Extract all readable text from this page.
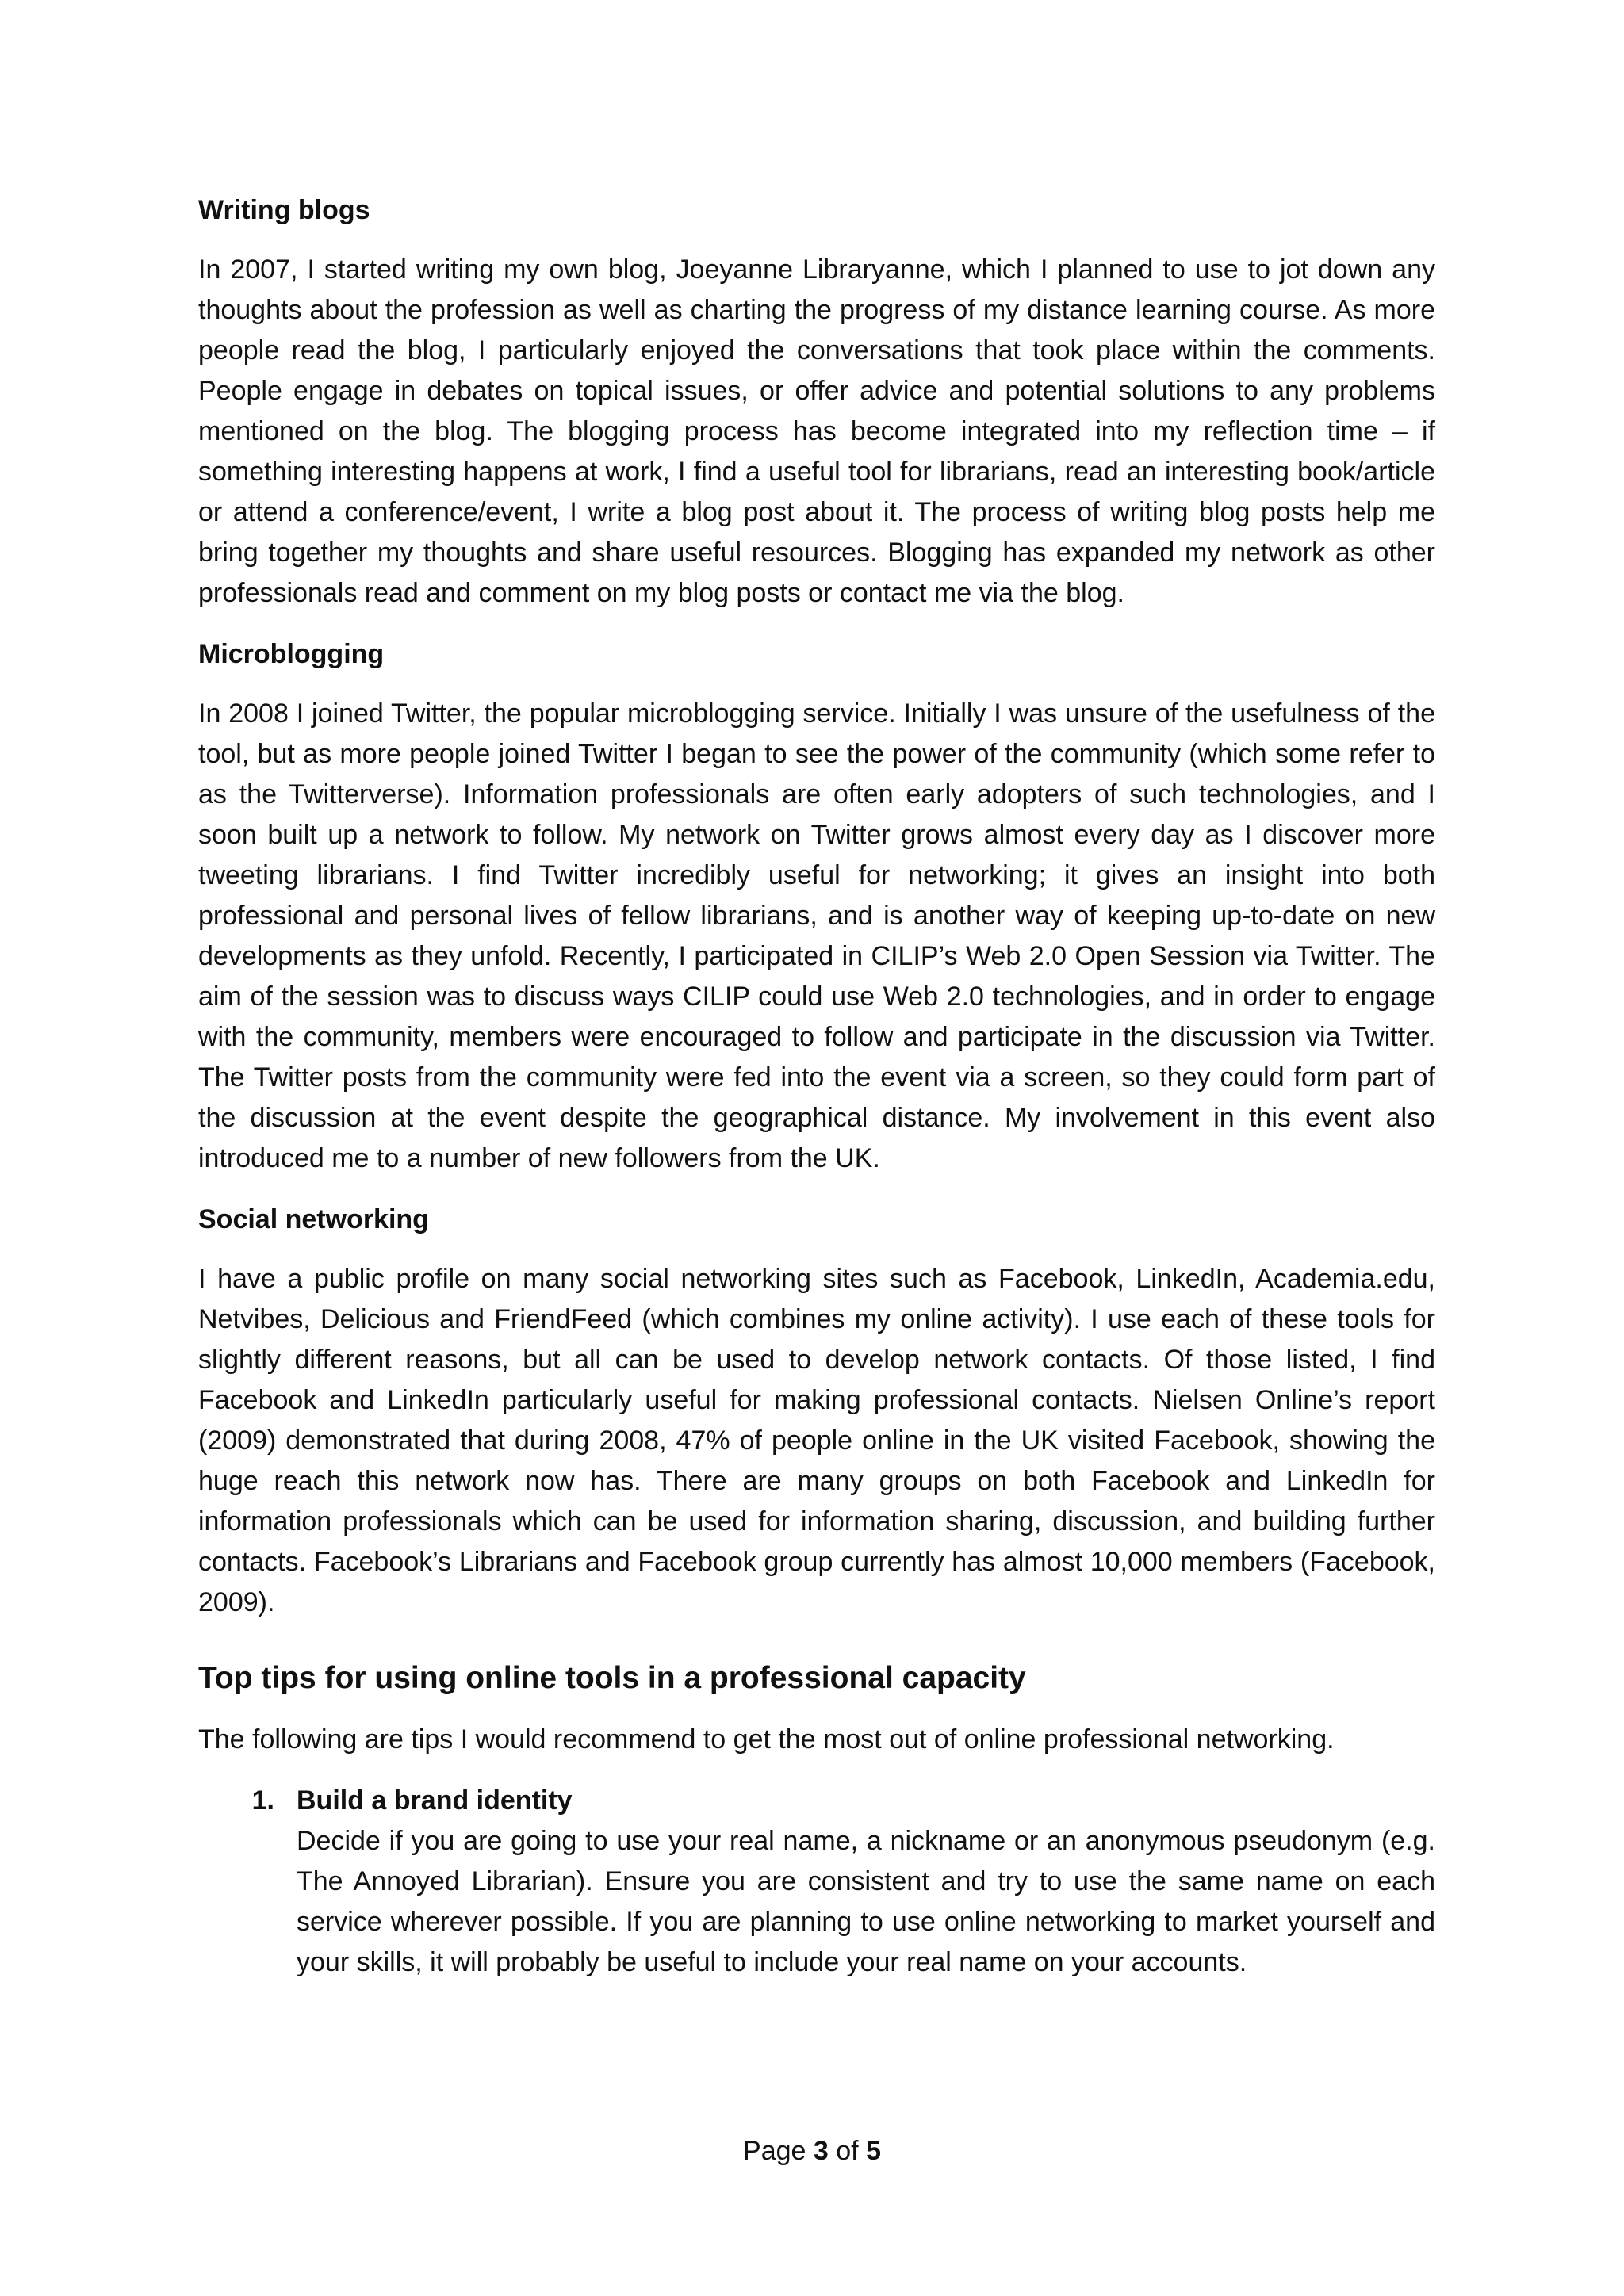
Writing blogs

In 2007, I started writing my own blog, Joeyanne Libraryanne, which I planned to use to jot down any thoughts about the profession as well as charting the progress of my distance learning course. As more people read the blog, I particularly enjoyed the conversations that took place within the comments. People engage in debates on topical issues, or offer advice and potential solutions to any problems mentioned on the blog. The blogging process has become integrated into my reflection time – if something interesting happens at work, I find a useful tool for librarians, read an interesting book/article or attend a conference/event, I write a blog post about it. The process of writing blog posts help me bring together my thoughts and share useful resources. Blogging has expanded my network as other professionals read and comment on my blog posts or contact me via the blog.

Microblogging

In 2008 I joined Twitter, the popular microblogging service. Initially I was unsure of the usefulness of the tool, but as more people joined Twitter I began to see the power of the community (which some refer to as the Twitterverse). Information professionals are often early adopters of such technologies, and I soon built up a network to follow. My network on Twitter grows almost every day as I discover more tweeting librarians. I find Twitter incredibly useful for networking; it gives an insight into both professional and personal lives of fellow librarians, and is another way of keeping up-to-date on new developments as they unfold. Recently, I participated in CILIP’s Web 2.0 Open Session via Twitter. The aim of the session was to discuss ways CILIP could use Web 2.0 technologies, and in order to engage with the community, members were encouraged to follow and participate in the discussion via Twitter. The Twitter posts from the community were fed into the event via a screen, so they could form part of the discussion at the event despite the geographical distance. My involvement in this event also introduced me to a number of new followers from the UK.

Social networking

I have a public profile on many social networking sites such as Facebook, LinkedIn, Academia.edu, Netvibes, Delicious and FriendFeed (which combines my online activity). I use each of these tools for slightly different reasons, but all can be used to develop network contacts. Of those listed, I find Facebook and LinkedIn particularly useful for making professional contacts. Nielsen Online’s report (2009) demonstrated that during 2008, 47% of people online in the UK visited Facebook, showing the huge reach this network now has. There are many groups on both Facebook and LinkedIn for information professionals which can be used for information sharing, discussion, and building further contacts. Facebook’s Librarians and Facebook group currently has almost 10,000 members (Facebook, 2009).

Top tips for using online tools in a professional capacity

The following are tips I would recommend to get the most out of online professional networking.

1. Build a brand identity
Decide if you are going to use your real name, a nickname or an anonymous pseudonym (e.g. The Annoyed Librarian). Ensure you are consistent and try to use the same name on each service wherever possible. If you are planning to use online networking to market yourself and your skills, it will probably be useful to include your real name on your accounts.
Page 3 of 5
